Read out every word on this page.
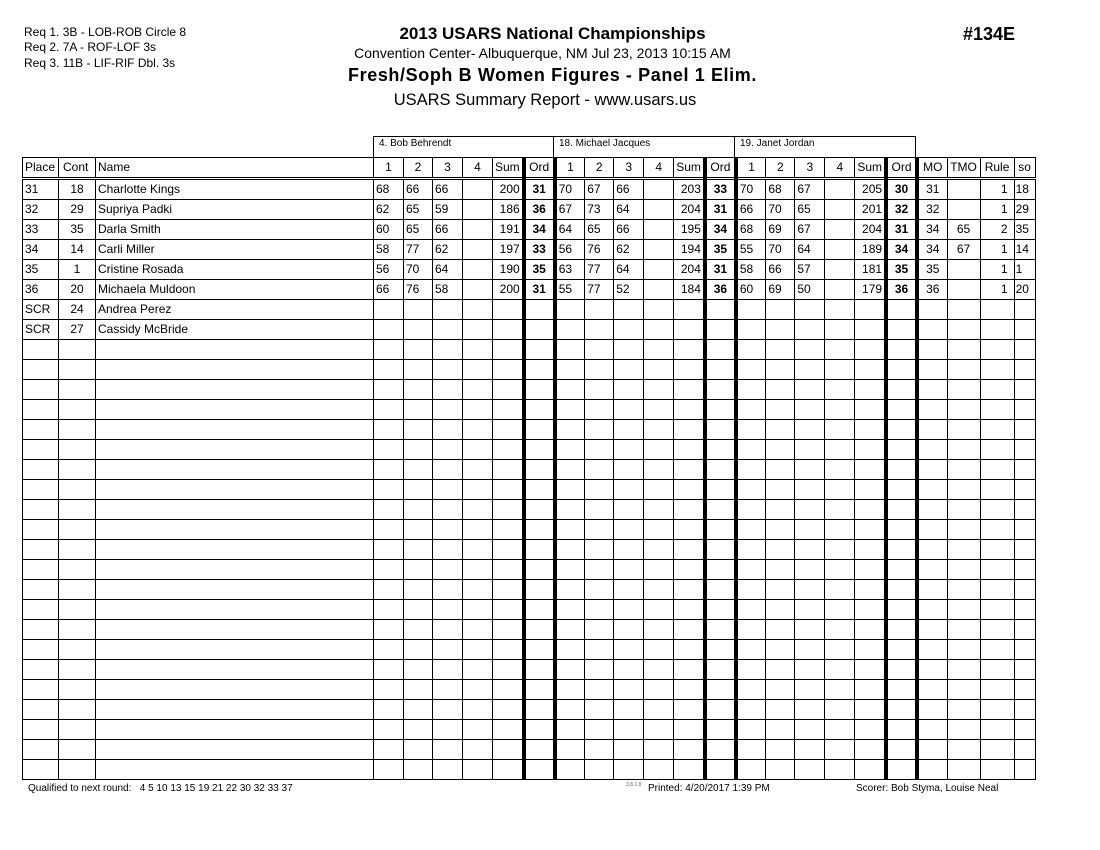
Req 1. 3B - LOB-ROB Circle 8
Req 2. 7A - ROF-LOF 3s
Req 3. 11B - LIF-RIF Dbl. 3s
2013 USARS National Championships
Convention Center- Albuquerque, NM Jul 23, 2013 10:15 AM
Fresh/Soph B Women Figures - Panel 1 Elim.
USARS Summary Report - www.usars.us
#134E
4. Bob Behrendt	18. Michael Jacques	19. Janet Jordan
Place	Cont	Name	1	2	3	4	Sum	Ord	1	2	3	4	Sum	Ord	1	2	3	4	Sum	Ord	MO	TMO	Rule	so
31	18	Charlotte Kings	68	66	66		200	31	70	67	66		203	33	70	68	67		205	30	31		1	18
32	29	Supriya Padki	62	65	59		186	36	67	73	64		204	31	66	70	65		201	32	32		1	29
33	35	Darla Smith	60	65	66		191	34	64	65	66		195	34	68	69	67		204	31	34	65	2	35
34	14	Carli Miller	58	77	62		197	33	56	76	62		194	35	55	70	64		189	34	34	67	1	14
35	1	Cristine Rosada	56	70	64		190	35	63	77	64		204	31	58	66	57		181	35	35		1	1
36	20	Michaela Muldoon	66	76	58		200	31	55	77	52		184	36	60	69	50		179	36	36		1	20
SCR	24	Andrea Perez																						
SCR	27	Cassidy McBride																						

Qualified to next round: 4 5 10 13 15 19 21 22 30 32 33 37	3.8.1.8 Printed: 4/20/2017 1:39 PM	Scorer: Bob Styma, Louise Neal
